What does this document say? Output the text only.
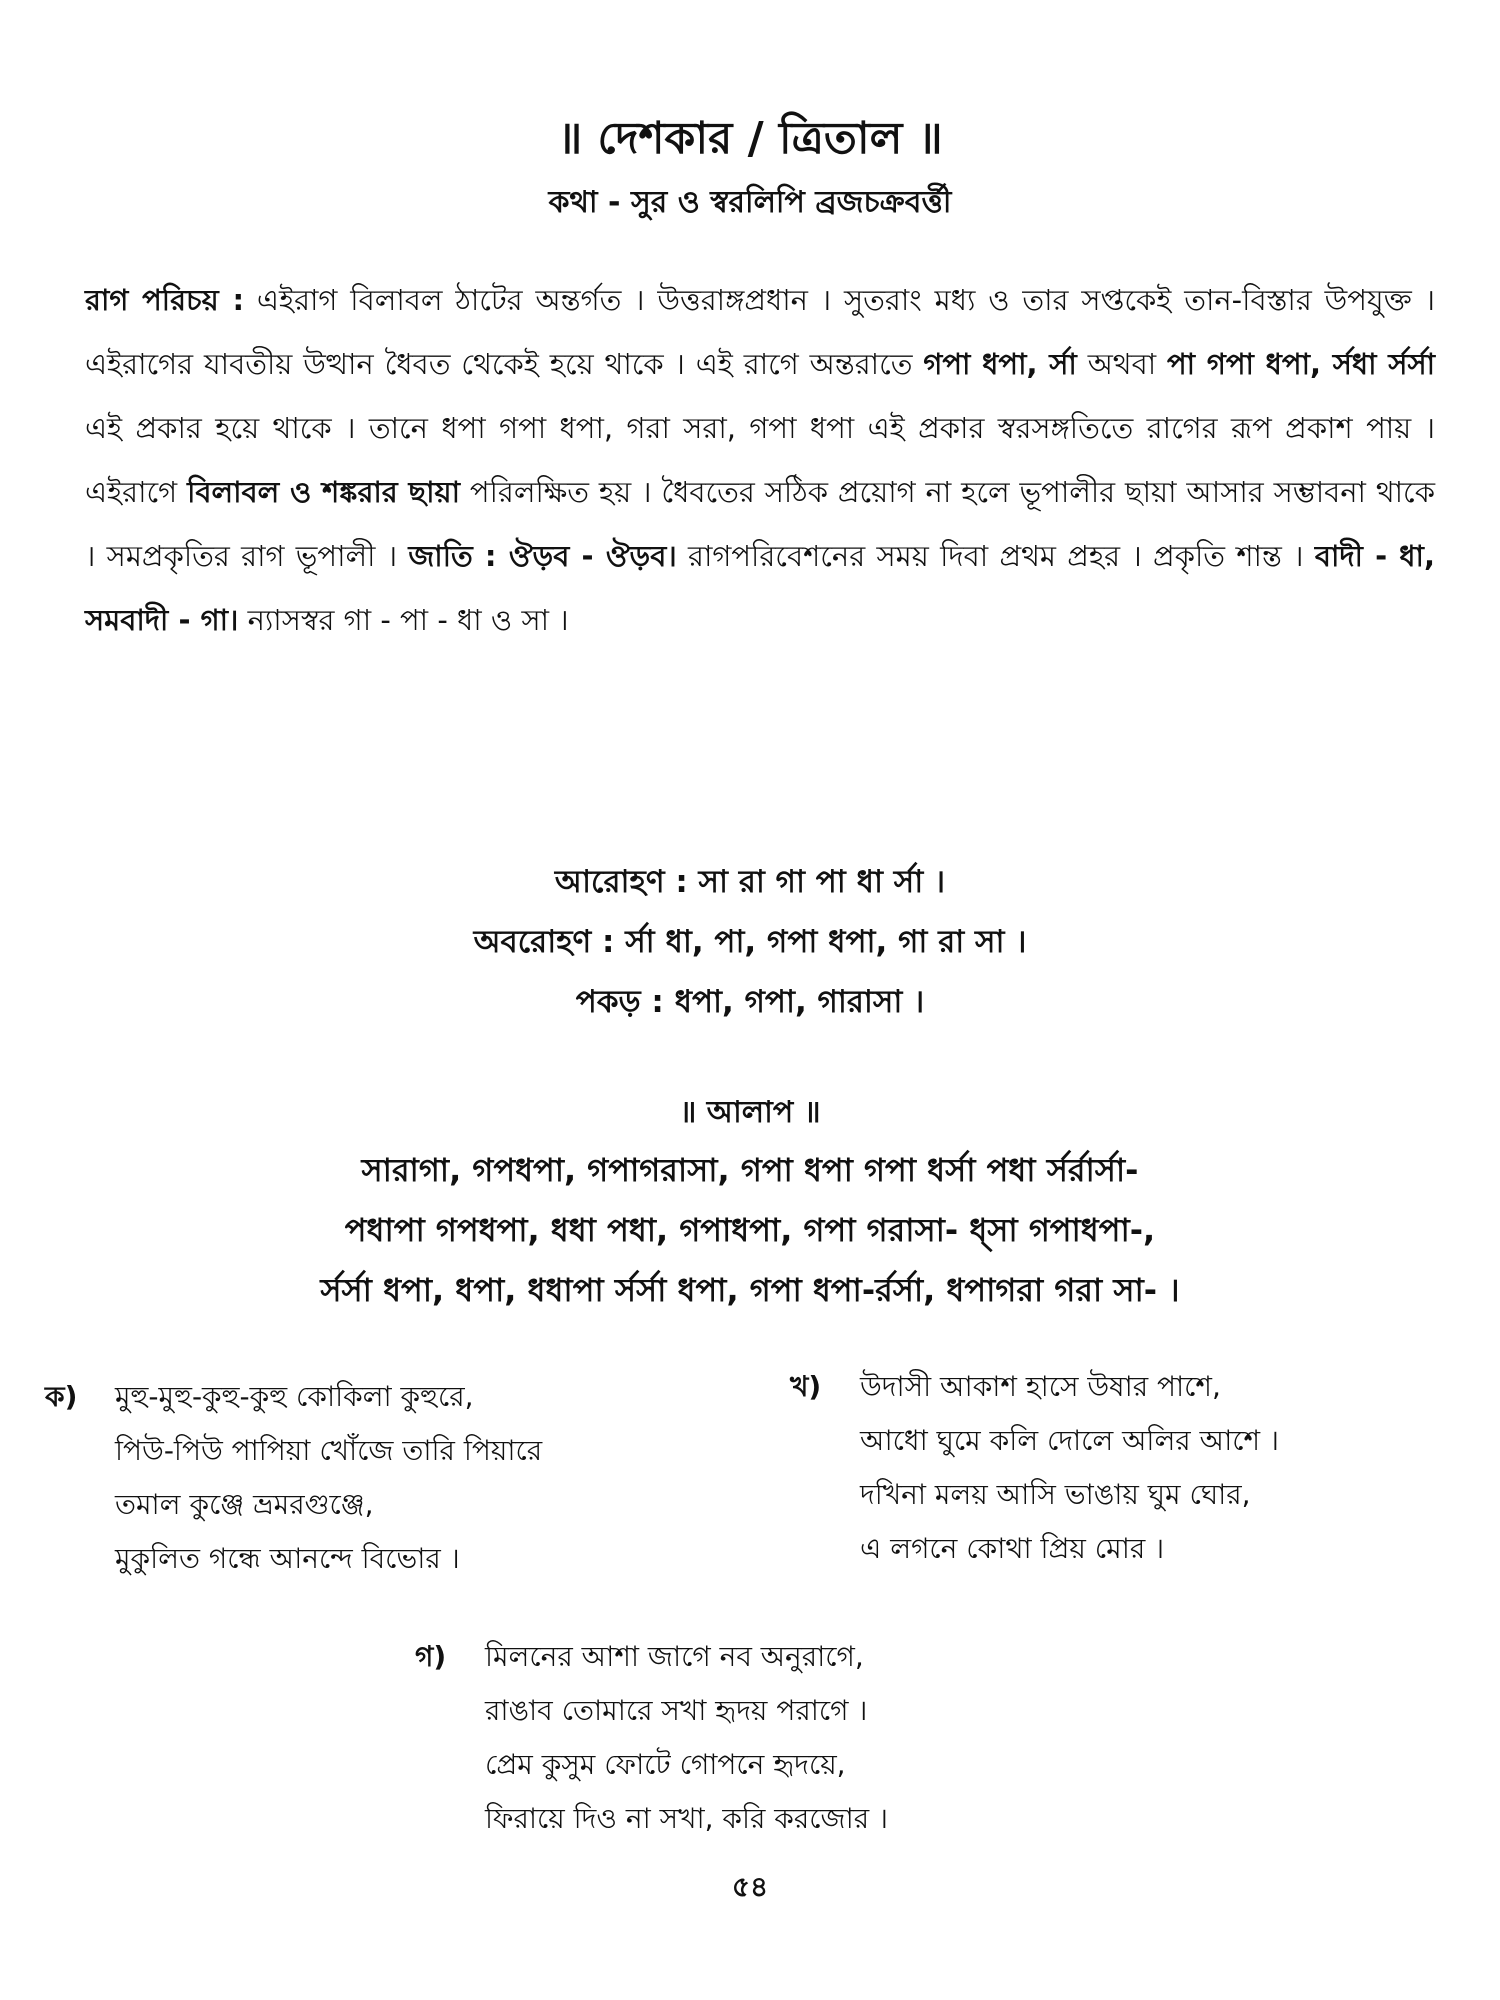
॥ দেশকার / ত্রিতাল ॥
কথা - সুর ও স্বরলিপি ব্রজচক্রবর্ত্তী
রাগ পরিচয় : এইরাগ বিলাবল ঠাটের অন্তর্গত । উত্তরাঙ্গপ্রধান । সুতরাং মধ্য ও তার সপ্তকেই তান-বিস্তার উপযুক্ত । এইরাগের যাবতীয় উত্থান ধৈবত থেকেই হয়ে থাকে । এই রাগে অন্তরাতে গপা ধপা, র্সা অথবা পা গপা ধপা, র্সধা র্সর্সা এই প্রকার হয়ে থাকে । তানে ধপা গপা ধপা, গরা সরা, গপা ধপা এই প্রকার স্বরসঙ্গতিতে রাগের রূপ প্রকাশ পায় । এইরাগে বিলাবল ও শঙ্করার ছায়া পরিলক্ষিত হয় । ধৈবতের সঠিক প্রয়োগ না হলে ভূপালীর ছায়া আসার সম্ভাবনা থাকে । সমপ্রকৃতির রাগ ভূপালী । জাতি : ঔড়ব - ঔড়ব। রাগপরিবেশনের সময় দিবা প্রথম প্রহর । প্রকৃতি শান্ত । বাদী - ধা, সমবাদী - গা। ন্যাসস্বর গা - পা - ধা ও সা ।
আরোহণ : সা রা গা পা ধা র্সা ।
অবরোহণ : র্সা ধা, পা, গপা ধপা, গা রা সা ।
পকড় : ধপা, গপা, গারাসা ।
॥ আলাপ ॥
সারাগা, গপধপা, গপাগরাসা, গপা ধপা গপা ধর্সা পধা র্সর্রার্সা-
পধাপা গপধপা, ধধা পধা, গপাধপা, গপা গরাসা- ধ্সা গপাধপা-,
র্সর্সা ধপা, ধপা, ধধাপা র্সর্সা ধপা, গপা ধপা-র্রর্সা, ধপাগরা গরা সা- ।
ক) মুহু-মুহু-কুহু-কুহু কোকিলা কুহুরে,
পিউ-পিউ পাপিয়া খোঁজে তারি পিয়ারে
তমাল কুঞ্জে ভ্রমরগুঞ্জে,
মুকুলিত গন্ধে আনন্দে বিভোর ।
খ) উদাসী আকাশ হাসে উষার পাশে,
আধো ঘুমে কলি দোলে অলির আশে ।
দখিনা মলয় আসি ভাঙায় ঘুম ঘোর,
এ লগনে কোথা প্রিয় মোর ।
গ) মিলনের আশা জাগে নব অনুরাগে,
রাঙাব তোমারে সখা হৃদয় পরাগে ।
প্রেম কুসুম ফোটে গোপনে হৃদয়ে,
ফিরায়ে দিও না সখা, করি করজোর ।
৫৪
